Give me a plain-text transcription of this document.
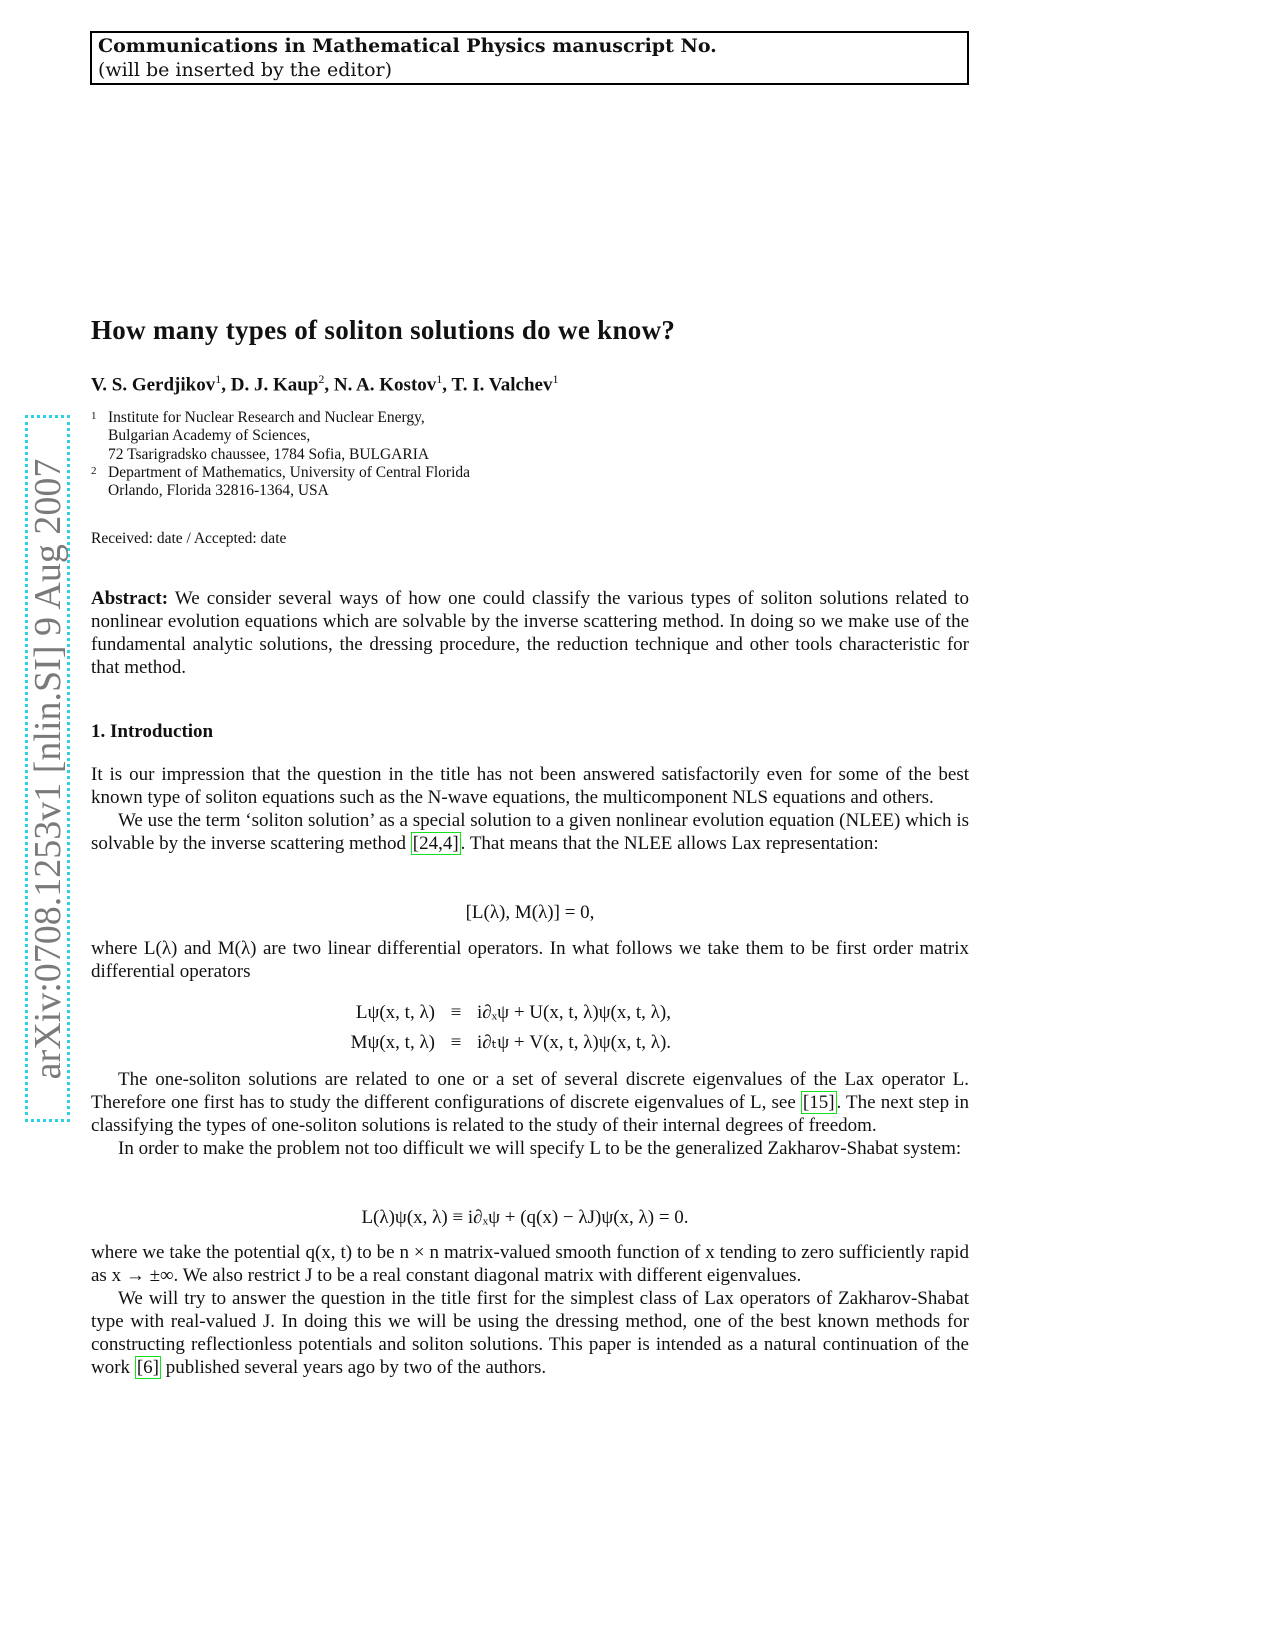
Communications in Mathematical Physics manuscript No.
(will be inserted by the editor)
arXiv:0708.1253v1 [nlin.SI] 9 Aug 2007
How many types of soliton solutions do we know?
V. S. Gerdjikov$^1$, D. J. Kaup$^2$, N. A. Kostov$^1$, T. I. Valchev$^1$
1 Institute for Nuclear Research and Nuclear Energy,
Bulgarian Academy of Sciences,
72 Tsarigradsko chaussee, 1784 Sofia, BULGARIA
2 Department of Mathematics, University of Central Florida
Orlando, Florida 32816-1364, USA
Received: date / Accepted: date

Abstract: We consider several ways of how one could classify the various types of soliton solutions related to nonlinear evolution equations which are solvable by the inverse scattering method. In doing so we make use of the fundamental analytic solutions, the dressing procedure, the reduction technique and other tools characteristic for that method.

1. Introduction

It is our impression that the question in the title has not been answered satisfactorily even for some of the best known type of soliton equations such as the N-wave equations, the multicomponent NLS equations and others.

We use the term ‘soliton solution’ as a special solution to a given nonlinear evolution equation (NLEE) which is solvable by the inverse scattering method [24,4] . That means that the NLEE allows Lax representation:

[L(λ), M(λ)] = 0,

where L(λ) and M(λ) are two linear differential operators. In what follows we take them to be first order matrix differential operators

Lψ(x, t, λ) ≡ i∂ₓψ + U(x, t, λ)ψ(x, t, λ),
Mψ(x, t, λ) ≡ i∂ₜψ + V(x, t, λ)ψ(x, t, λ).

The one-soliton solutions are related to one or a set of several discrete eigenvalues of the Lax operator L. Therefore one first has to study the different configurations of discrete eigenvalues of L, see [15] . The next step in classifying the types of one-soliton solutions is related to the study of their internal degrees of freedom.

In order to make the problem not too difficult we will specify L to be the generalized Zakharov-Shabat system:

L(λ)ψ(x, λ) ≡ i∂ₓψ + (q(x) − λJ)ψ(x, λ) = 0.

where we take the potential q(x, t) to be n × n matrix-valued smooth function of x tending to zero sufficiently rapid as x → ±∞. We also restrict J to be a real constant diagonal matrix with different eigenvalues.

We will try to answer the question in the title first for the simplest class of Lax operators of Zakharov-Shabat type with real-valued J. In doing this we will be using the dressing method, one of the best known methods for constructing reflectionless potentials and soliton solutions. This paper is intended as a natural continuation of the work [6] published several years ago by two of the authors.
